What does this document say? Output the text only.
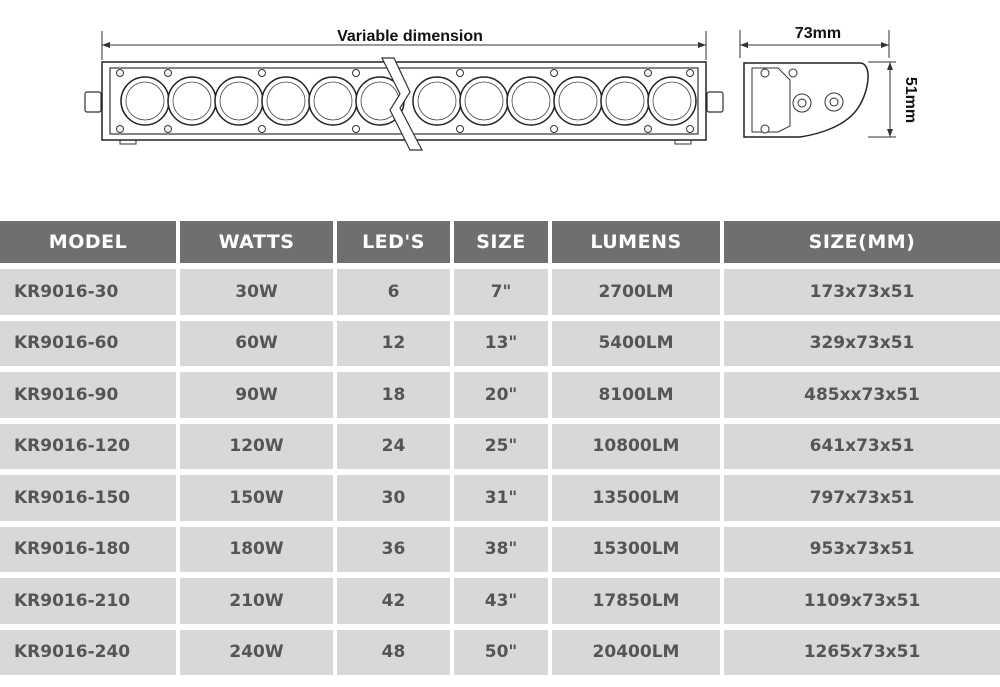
Variable dimension	73mm
51mm
MODEL	WATTS	LED'S	SIZE	LUMENS	SIZE(MM)
KR9016-30	30W	6	7"	2700LM	173x73x51
KR9016-60	60W	12	13"	5400LM	329x73x51
KR9016-90	90W	18	20"	8100LM	485xx73x51
KR9016-120	120W	24	25"	10800LM	641x73x51
KR9016-150	150W	30	31"	13500LM	797x73x51
KR9016-180	180W	36	38"	15300LM	953x73x51
KR9016-210	210W	42	43"	17850LM	1109x73x51
KR9016-240	240W	48	50"	20400LM	1265x73x51
